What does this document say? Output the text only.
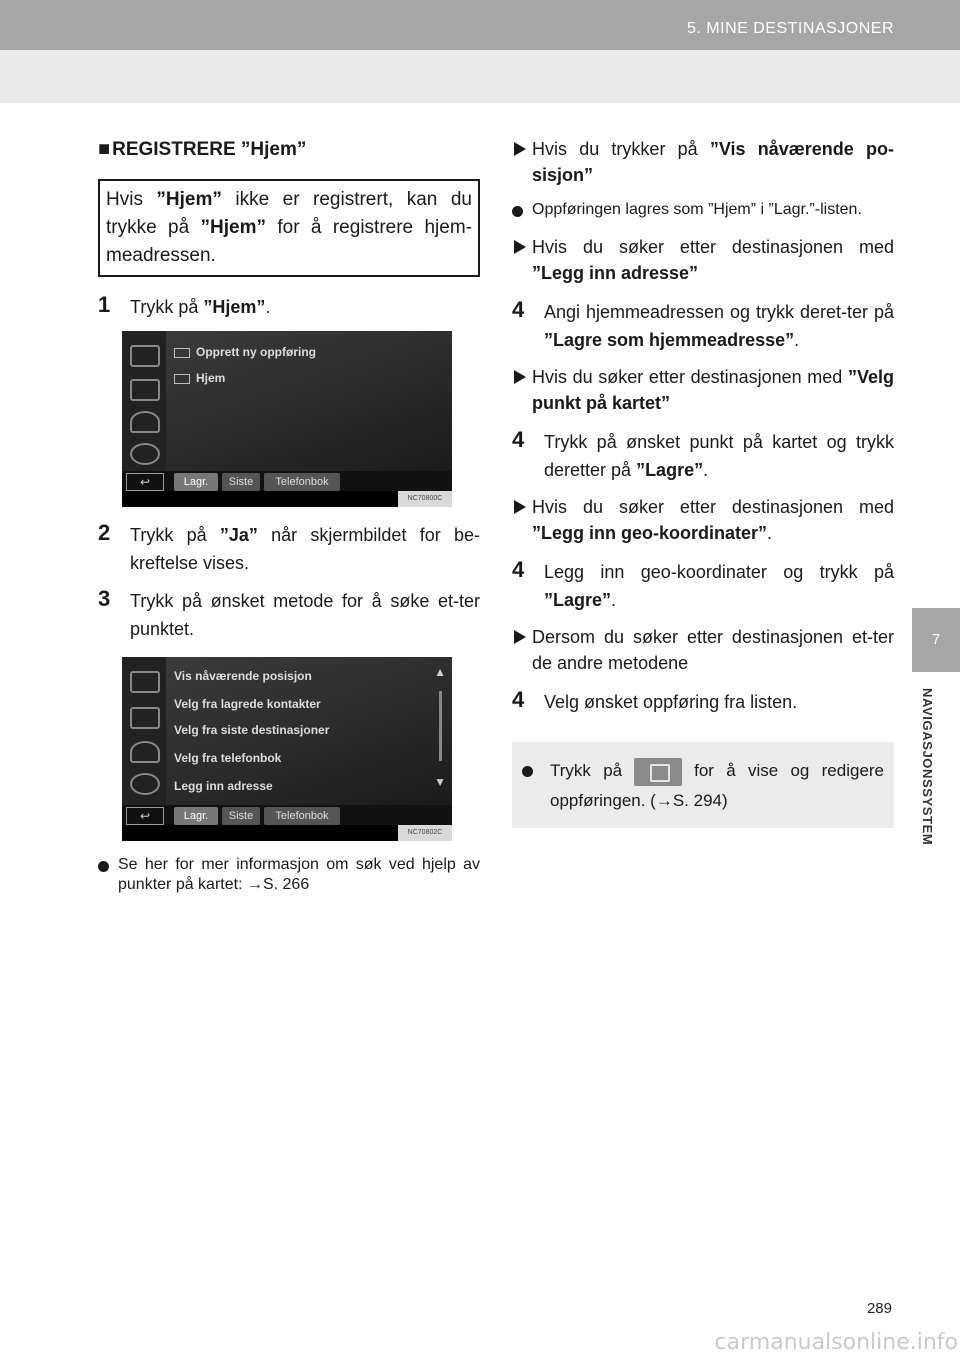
5. MINE DESTINASJONER
7
NAVIGASJONSSYSTEM
■ REGISTRERE ”Hjem”
Hvis ”Hjem” ikke er registrert, kan du trykke på ”Hjem” for å registrere hjem-meadressen.
1 Trykk på ”Hjem”.
Opprett ny oppføring
Hjem
↩	Lagr.	Siste	Telefonbok
NC70800C
2 Trykk på ”Ja” når skjermbildet for be-kreftelse vises.
3 Trykk på ønsket metode for å søke et-ter punktet.
Vis nåværende posisjon
Velg fra lagrede kontakter
Velg fra siste destinasjoner
Velg fra telefonbok
Legg inn adresse
▲
▼
↩	Lagr.	Siste	Telefonbok
NC70802C
Se her for mer informasjon om søk ved hjelp av punkter på kartet: →S. 266
Hvis du trykker på ”Vis nåværende po-sisjon”
Oppføringen lagres som ”Hjem” i ”Lagr.”-listen.
Hvis du søker etter destinasjonen med ”Legg inn adresse”
4 Angi hjemmeadressen og trykk deret-ter på ”Lagre som hjemmeadresse”.
Hvis du søker etter destinasjonen med ”Velg punkt på kartet”
4 Trykk på ønsket punkt på kartet og trykk deretter på ”Lagre”.
Hvis du søker etter destinasjonen med ”Legg inn geo-koordinater”.
4 Legg inn geo-koordinater og trykk på ”Lagre”.
Dersom du søker etter destinasjonen et-ter de andre metodene
4 Velg ønsket oppføring fra listen.
Trykk på	for å vise og redigere oppføringen. (→S. 294)
289
carmanualsonline.info
